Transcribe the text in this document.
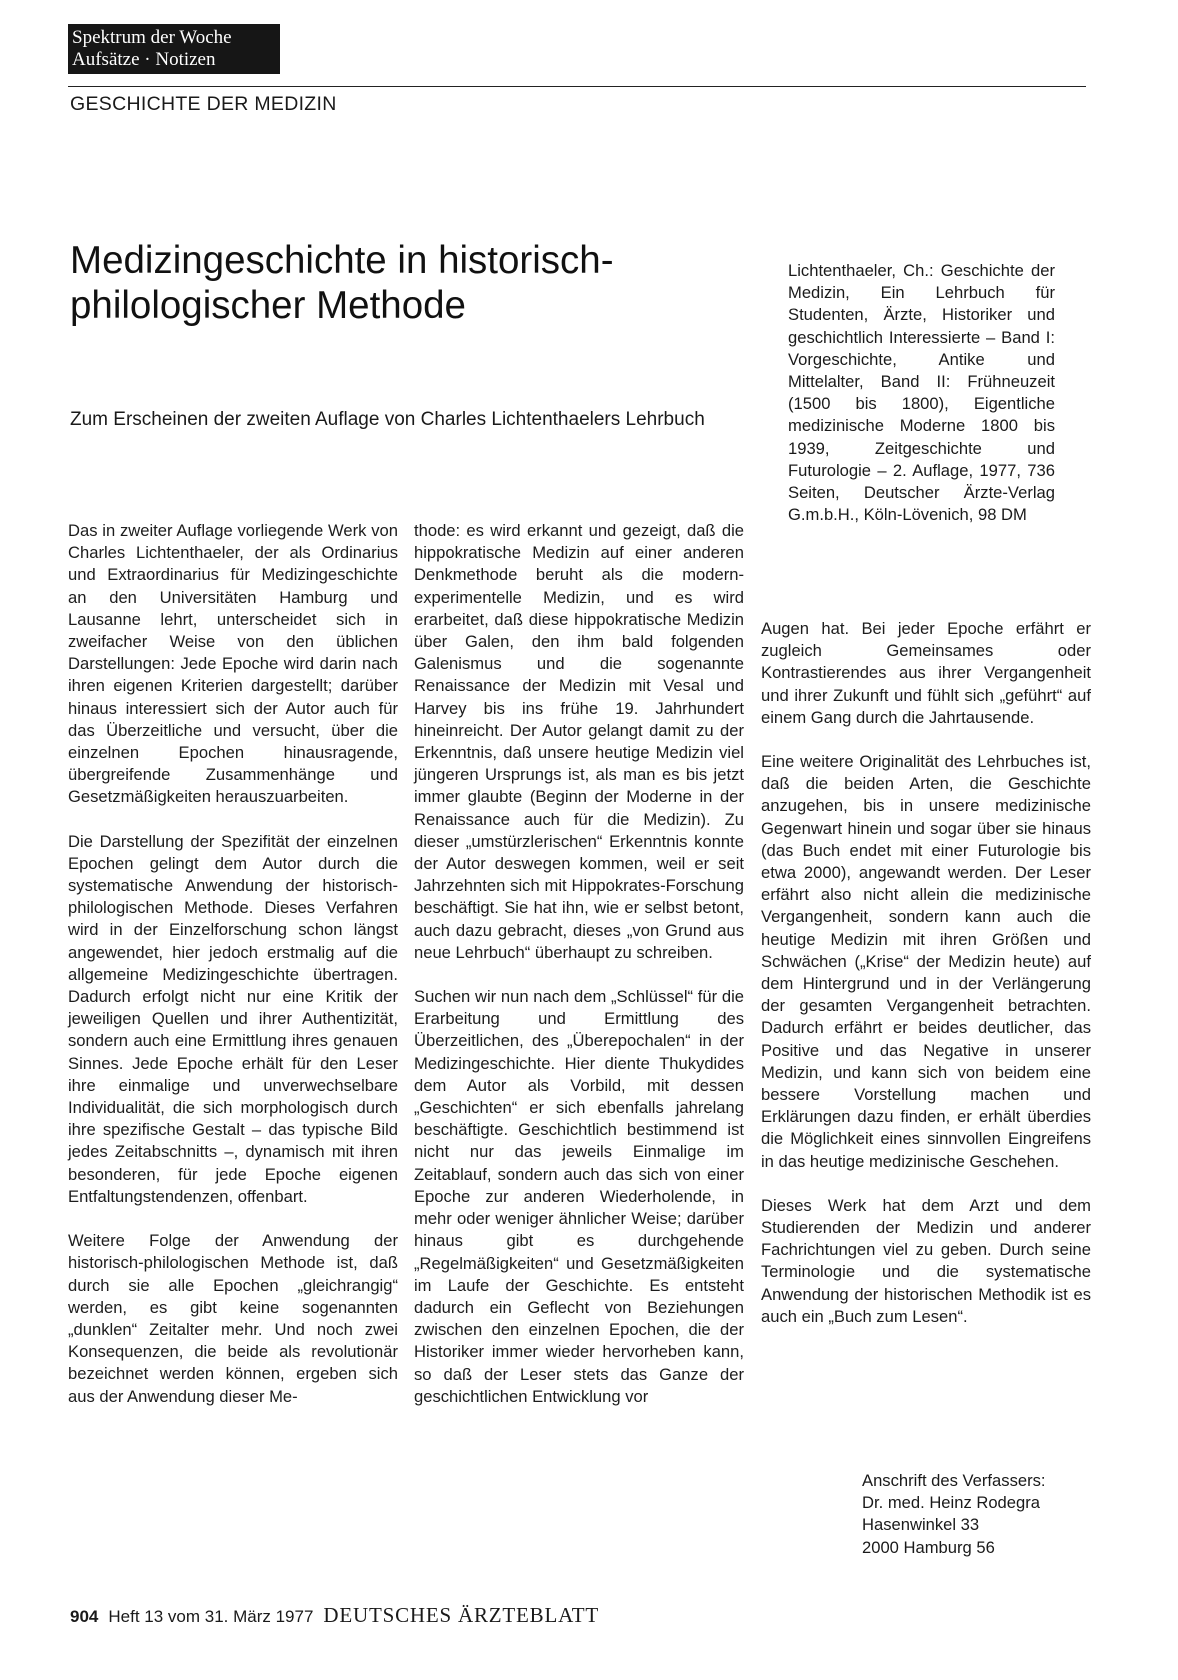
Spektrum der Woche
Aufsätze · Notizen
GESCHICHTE DER MEDIZIN
Medizingeschichte in historisch-philologischer Methode
Zum Erscheinen der zweiten Auflage von Charles Lichtenthaelers Lehrbuch
Lichtenthaeler, Ch.: Geschichte der Medizin, Ein Lehrbuch für Studenten, Ärzte, Historiker und geschichtlich Interessierte – Band I: Vorgeschichte, Antike und Mittelalter, Band II: Frühneuzeit (1500 bis 1800), Eigentliche medizinische Moderne 1800 bis 1939, Zeitgeschichte und Futurologie – 2. Auflage, 1977, 736 Seiten, Deutscher Ärzte-Verlag G.m.b.H., Köln-Lövenich, 98 DM

Das in zweiter Auflage vorliegende Werk von Charles Lichtenthaeler, der als Ordinarius und Extraordinarius für Medizingeschichte an den Universitäten Hamburg und Lausanne lehrt, unterscheidet sich in zweifacher Weise von den üblichen Darstellungen: Jede Epoche wird darin nach ihren eigenen Kriterien dargestellt; darüber hinaus interessiert sich der Autor auch für das Überzeitliche und versucht, über die einzelnen Epochen hinausragende, übergreifende Zusammenhänge und Gesetzmäßigkeiten herauszuarbeiten.

Die Darstellung der Spezifität der einzelnen Epochen gelingt dem Autor durch die systematische Anwendung der historisch-philologischen Methode. Dieses Verfahren wird in der Einzelforschung schon längst angewendet, hier jedoch erstmalig auf die allgemeine Medizingeschichte übertragen. Dadurch erfolgt nicht nur eine Kritik der jeweiligen Quellen und ihrer Authentizität, sondern auch eine Ermittlung ihres genauen Sinnes. Jede Epoche erhält für den Leser ihre einmalige und unverwechselbare Individualität, die sich morphologisch durch ihre spezifische Gestalt – das typische Bild jedes Zeitabschnitts –, dynamisch mit ihren besonderen, für jede Epoche eigenen Entfaltungstendenzen, offenbart.

Weitere Folge der Anwendung der historisch-philologischen Methode ist, daß durch sie alle Epochen „gleichrangig“ werden, es gibt keine sogenannten „dunklen“ Zeitalter mehr. Und noch zwei Konsequenzen, die beide als revolutionär bezeichnet werden können, ergeben sich aus der Anwendung dieser Me-

thode: es wird erkannt und gezeigt, daß die hippokratische Medizin auf einer anderen Denkmethode beruht als die modern-experimentelle Medizin, und es wird erarbeitet, daß diese hippokratische Medizin über Galen, den ihm bald folgenden Galenismus und die sogenannte Renaissance der Medizin mit Vesal und Harvey bis ins frühe 19. Jahrhundert hineinreicht. Der Autor gelangt damit zu der Erkenntnis, daß unsere heutige Medizin viel jüngeren Ursprungs ist, als man es bis jetzt immer glaubte (Beginn der Moderne in der Renaissance auch für die Medizin). Zu dieser „umstürzlerischen“ Erkenntnis konnte der Autor deswegen kommen, weil er seit Jahrzehnten sich mit Hippokrates-Forschung beschäftigt. Sie hat ihn, wie er selbst betont, auch dazu gebracht, dieses „von Grund aus neue Lehrbuch“ überhaupt zu schreiben.

Suchen wir nun nach dem „Schlüssel“ für die Erarbeitung und Ermittlung des Überzeitlichen, des „Überepochalen“ in der Medizingeschichte. Hier diente Thukydides dem Autor als Vorbild, mit dessen „Geschichten“ er sich ebenfalls jahrelang beschäftigte. Geschichtlich bestimmend ist nicht nur das jeweils Einmalige im Zeitablauf, sondern auch das sich von einer Epoche zur anderen Wiederholende, in mehr oder weniger ähnlicher Weise; darüber hinaus gibt es durchgehende „Regelmäßigkeiten“ und Gesetzmäßigkeiten im Laufe der Geschichte. Es entsteht dadurch ein Geflecht von Beziehungen zwischen den einzelnen Epochen, die der Historiker immer wieder hervorheben kann, so daß der Leser stets das Ganze der geschichtlichen Entwicklung vor

Augen hat. Bei jeder Epoche erfährt er zugleich Gemeinsames oder Kontrastierendes aus ihrer Vergangenheit und ihrer Zukunft und fühlt sich „geführt“ auf einem Gang durch die Jahrtausende.

Eine weitere Originalität des Lehrbuches ist, daß die beiden Arten, die Geschichte anzugehen, bis in unsere medizinische Gegenwart hinein und sogar über sie hinaus (das Buch endet mit einer Futurologie bis etwa 2000), angewandt werden. Der Leser erfährt also nicht allein die medizinische Vergangenheit, sondern kann auch die heutige Medizin mit ihren Größen und Schwächen („Krise“ der Medizin heute) auf dem Hintergrund und in der Verlängerung der gesamten Vergangenheit betrachten. Dadurch erfährt er beides deutlicher, das Positive und das Negative in unserer Medizin, und kann sich von beidem eine bessere Vorstellung machen und Erklärungen dazu finden, er erhält überdies die Möglichkeit eines sinnvollen Eingreifens in das heutige medizinische Geschehen.

Dieses Werk hat dem Arzt und dem Studierenden der Medizin und anderer Fachrichtungen viel zu geben. Durch seine Terminologie und die systematische Anwendung der historischen Methodik ist es auch ein „Buch zum Lesen“.

Anschrift des Verfassers:
Dr. med. Heinz Rodegra
Hasenwinkel 33
2000 Hamburg 56
904 Heft 13 vom 31. März 1977 DEUTSCHES ÄRZTEBLATT
